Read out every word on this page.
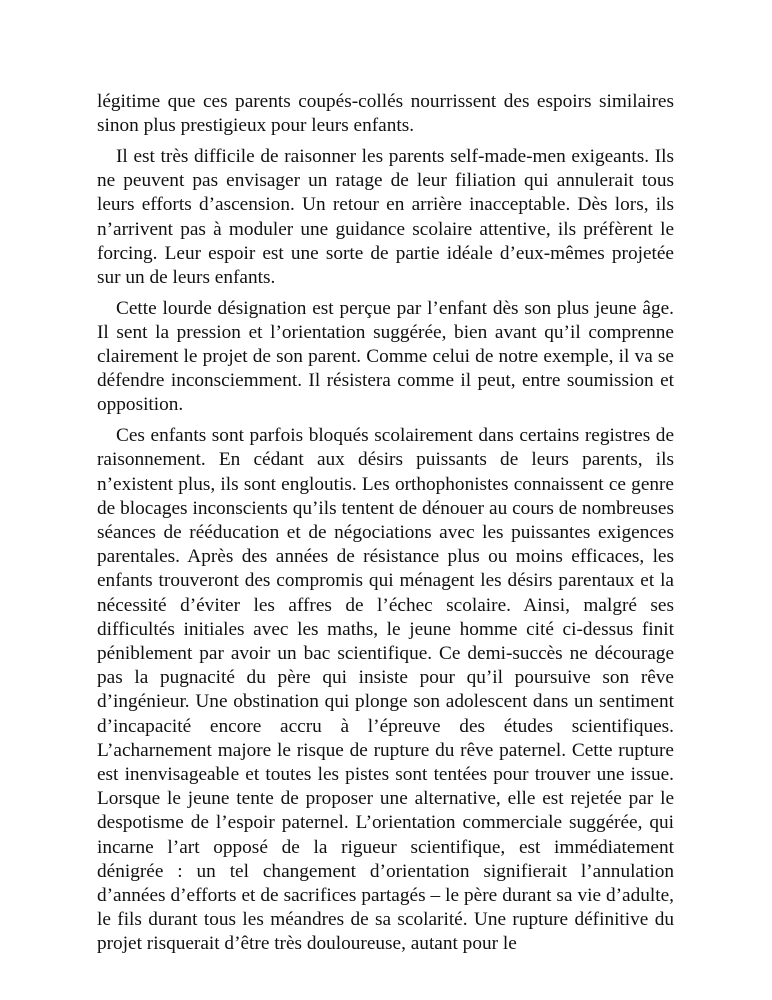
légitime que ces parents coupés-collés nourrissent des espoirs similaires sinon plus prestigieux pour leurs enfants.

Il est très difficile de raisonner les parents self-made-men exigeants. Ils ne peuvent pas envisager un ratage de leur filiation qui annulerait tous leurs efforts d’ascension. Un retour en arrière inacceptable. Dès lors, ils n’arrivent pas à moduler une guidance scolaire attentive, ils préfèrent le forcing. Leur espoir est une sorte de partie idéale d’eux-mêmes projetée sur un de leurs enfants.

Cette lourde désignation est perçue par l’enfant dès son plus jeune âge. Il sent la pression et l’orientation suggérée, bien avant qu’il comprenne clairement le projet de son parent. Comme celui de notre exemple, il va se défendre inconsciemment. Il résistera comme il peut, entre soumission et opposition.

Ces enfants sont parfois bloqués scolairement dans certains registres de raisonnement. En cédant aux désirs puissants de leurs parents, ils n’existent plus, ils sont engloutis. Les orthophonistes connaissent ce genre de blocages inconscients qu’ils tentent de dénouer au cours de nombreuses séances de rééducation et de négociations avec les puissantes exigences parentales. Après des années de résistance plus ou moins efficaces, les enfants trouveront des compromis qui ménagent les désirs parentaux et la nécessité d’éviter les affres de l’échec scolaire. Ainsi, malgré ses difficultés initiales avec les maths, le jeune homme cité ci-dessus finit péniblement par avoir un bac scientifique. Ce demi-succès ne décourage pas la pugnacité du père qui insiste pour qu’il poursuive son rêve d’ingénieur. Une obstination qui plonge son adolescent dans un sentiment d’incapacité encore accru à l’épreuve des études scientifiques. L’acharnement majore le risque de rupture du rêve paternel. Cette rupture est inenvisageable et toutes les pistes sont tentées pour trouver une issue. Lorsque le jeune tente de proposer une alternative, elle est rejetée par le despotisme de l’espoir paternel. L’orientation commerciale suggérée, qui incarne l’art opposé de la rigueur scientifique, est immédiatement dénigrée : un tel changement d’orientation signifierait l’annulation d’années d’efforts et de sacrifices partagés – le père durant sa vie d’adulte, le fils durant tous les méandres de sa scolarité. Une rupture définitive du projet risquerait d’être très douloureuse, autant pour le
